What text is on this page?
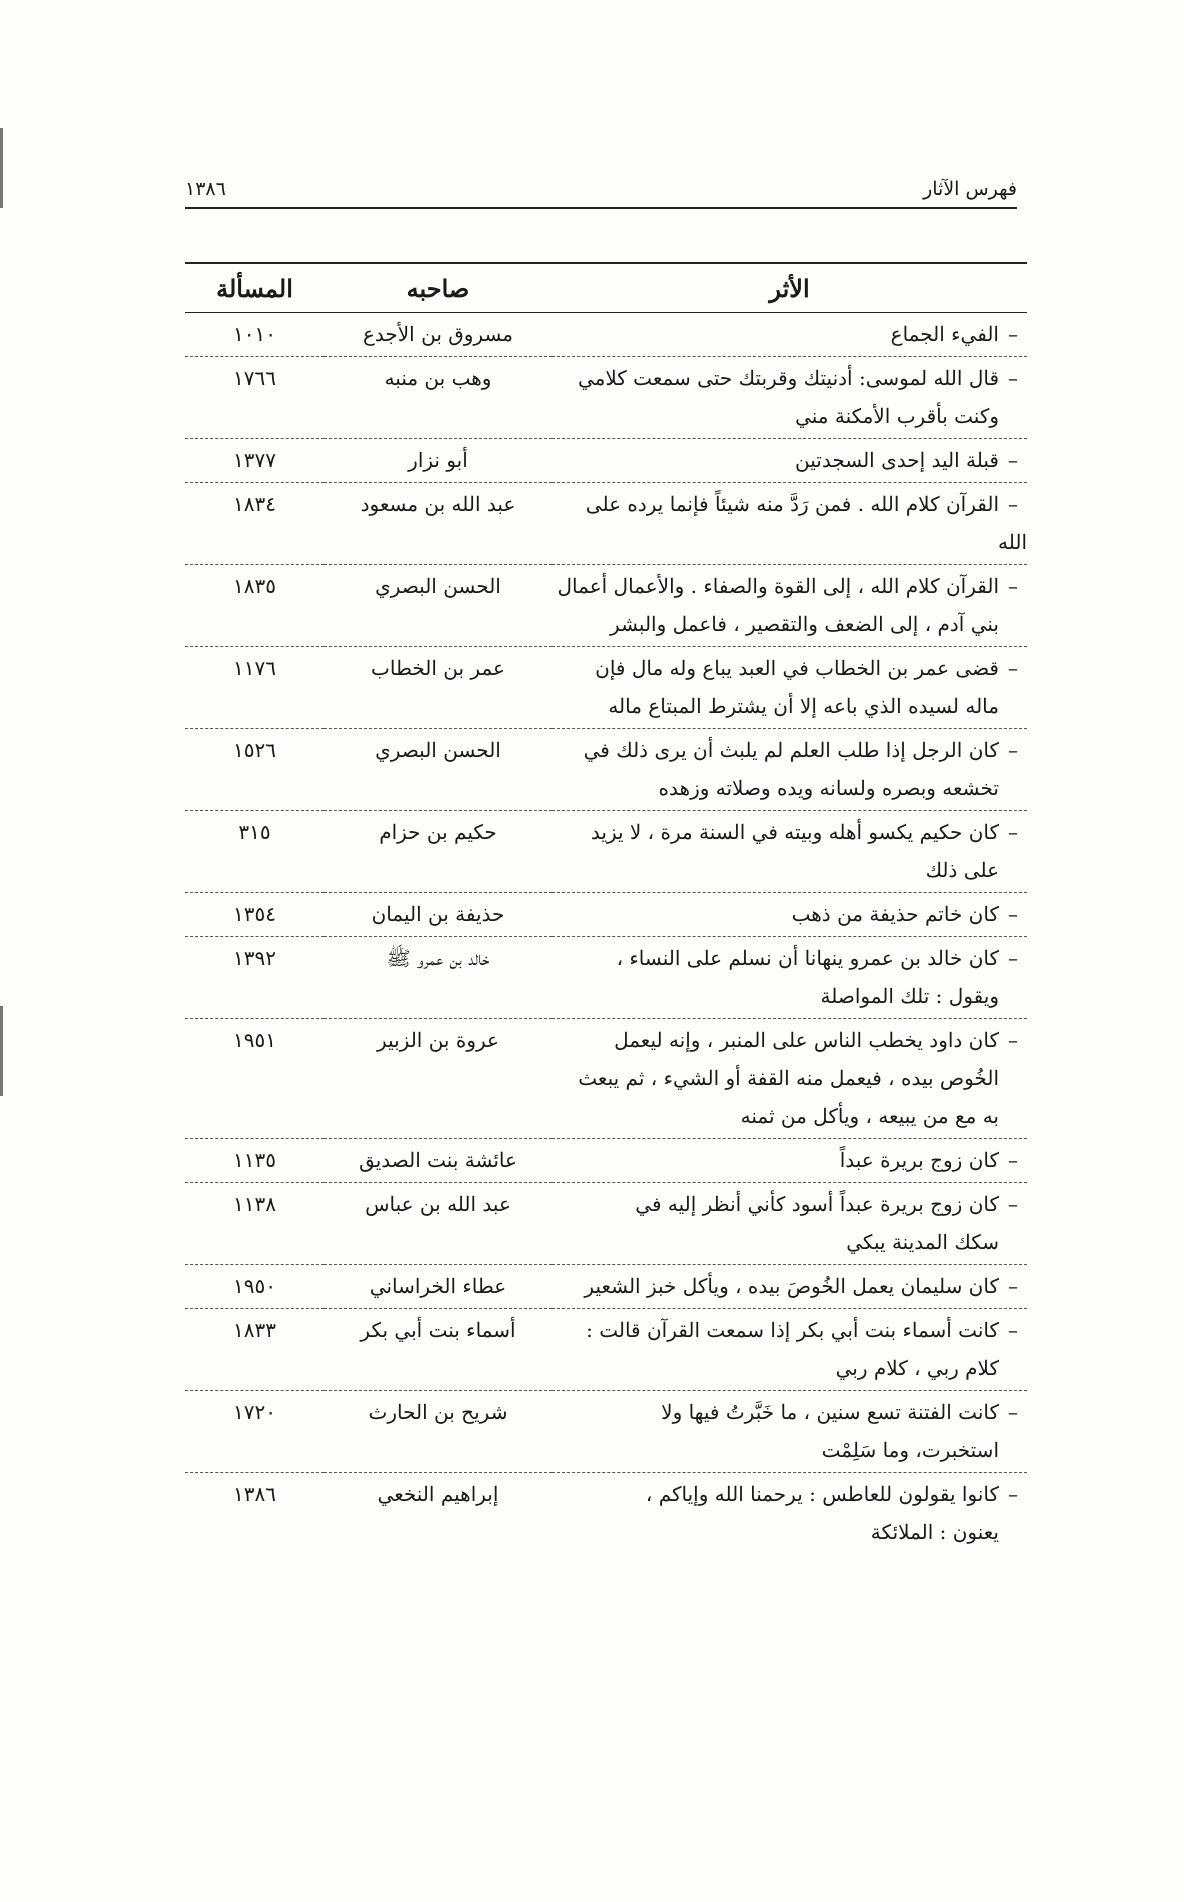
فهرس الآثار
١٣٨٦
الأثر	صاحبه	المسألة
–الفيء الجماع	مسروق بن الأجدع	١٠١٠
–قال الله لموسى: أدنيتك وقربتك حتى سمعت كلامي
وكنت بأقرب الأمكنة مني	وهب بن منبه	١٧٦٦
–قبلة اليد إحدى السجدتين	أبو نزار	١٣٧٧
–القرآن كلام الله . فمن رَدَّ منه شيئاً فإنما يرده على الله	عبد الله بن مسعود	١٨٣٤
–القرآن كلام الله ، إلى القوة والصفاء . والأعمال أعمال
بني آدم ، إلى الضعف والتقصير ، فاعمل والبشر	الحسن البصري	١٨٣٥
–قضى عمر بن الخطاب في العبد يباع وله مال فإن
ماله لسيده الذي باعه إلا أن يشترط المبتاع ماله	عمر بن الخطاب	١١٧٦
–كان الرجل إذا طلب العلم لم يلبث أن يرى ذلك في
تخشعه وبصره ولسانه ويده وصلاته وزهده	الحسن البصري	١٥٢٦
–كان حكيم يكسو أهله وبيته في السنة مرة ، لا يزيد
على ذلك	حكيم بن حزام	٣١٥
–كان خاتم حذيفة من ذهب	حذيفة بن اليمان	١٣٥٤
–كان خالد بن عمرو ينهانا أن نسلم على النساء ،
ويقول : تلك المواصلة	خالد بن عمرو ﷺ	١٣٩٢
–كان داود يخطب الناس على المنبر ، وإنه ليعمل
الخُوص بيده ، فيعمل منه القفة أو الشيء ، ثم يبعث
به مع من يبيعه ، ويأكل من ثمنه	عروة بن الزبير	١٩٥١
–كان زوج بريرة عبداً	عائشة بنت الصديق	١١٣٥
–كان زوج بريرة عبداً أسود كأني أنظر إليه في
سكك المدينة يبكي	عبد الله بن عباس	١١٣٨
–كان سليمان يعمل الخُوصَ بيده ، ويأكل خبز الشعير	عطاء الخراساني	١٩٥٠
–كانت أسماء بنت أبي بكر إذا سمعت القرآن قالت :
كلام ربي ، كلام ربي	أسماء بنت أبي بكر	١٨٣٣
–كانت الفتنة تسع سنين ، ما خَبَّرتُ فيها ولا
استخبرت، وما سَلِمْت	شريح بن الحارث	١٧٢٠
–كانوا يقولون للعاطس : يرحمنا الله وإياكم ،
يعنون : الملائكة	إبراهيم النخعي	١٣٨٦
